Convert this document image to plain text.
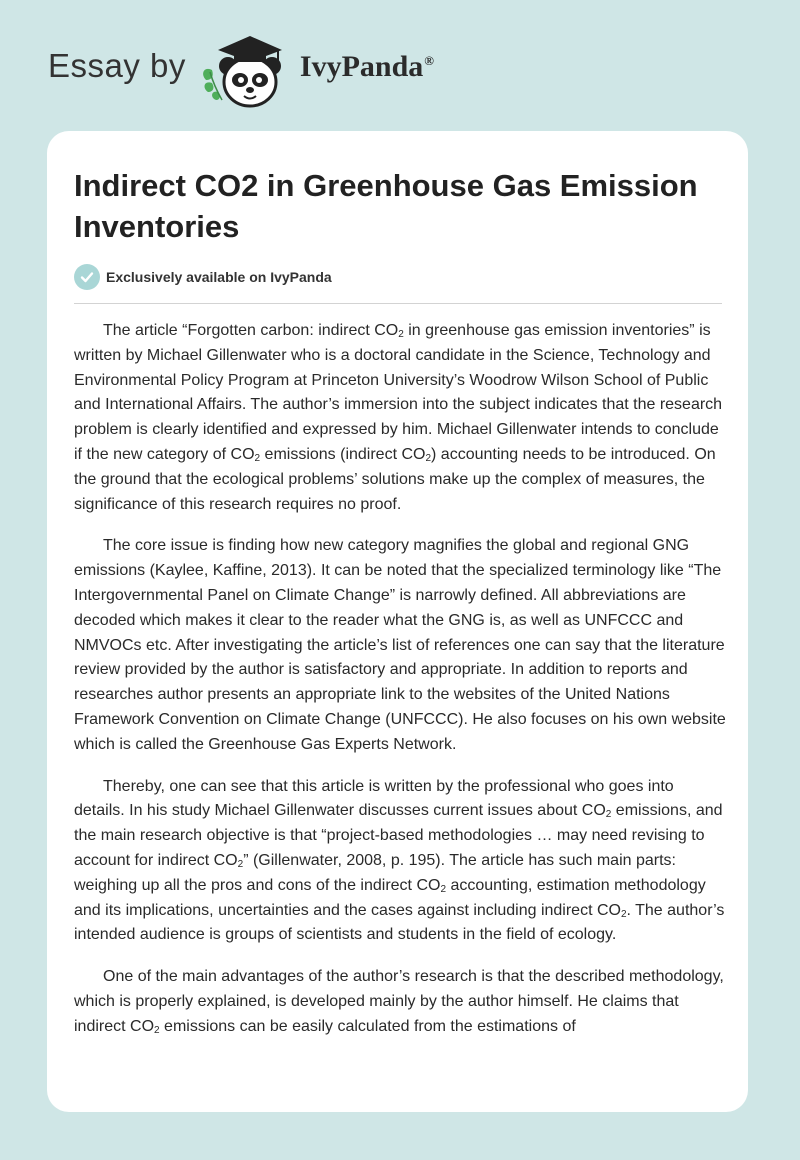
Essay by	IvyPanda®
Indirect CO2 in Greenhouse Gas Emission Inventories
Exclusively available on IvyPanda

The article “Forgotten carbon: indirect $CO_2$ in greenhouse gas emission inventories” is written by Michael Gillenwater who is a doctoral candidate in the Science, Technology and Environmental Policy Program at Princeton University’s Woodrow Wilson School of Public and International Affairs. The author’s immersion into the subject indicates that the research problem is clearly identified and expressed by him. Michael Gillenwater intends to conclude if the new category of $CO_2$ emissions (indirect $CO_2$) accounting needs to be introduced. On the ground that the ecological problems’ solutions make up the complex of measures, the significance of this research requires no proof.

The core issue is finding how new category magnifies the global and regional GNG emissions (Kaylee, Kaffine, 2013). It can be noted that the specialized terminology like “The Intergovernmental Panel on Climate Change” is narrowly defined. All abbreviations are decoded which makes it clear to the reader what the GNG is, as well as UNFCCC and NMVOCs etc. After investigating the article’s list of references one can say that the literature review provided by the author is satisfactory and appropriate. In addition to reports and researches author presents an appropriate link to the websites of the United Nations Framework Convention on Climate Change (UNFCCC). He also focuses on his own website which is called the Greenhouse Gas Experts Network.

Thereby, one can see that this article is written by the professional who goes into details. In his study Michael Gillenwater discusses current issues about $CO_2$ emissions, and the main research objective is that “project-based methodologies … may need revising to account for indirect $CO_2$” (Gillenwater, 2008, p. 195). The article has such main parts: weighing up all the pros and cons of the indirect $CO_2$ accounting, estimation methodology and its implications, uncertainties and the cases against including indirect $CO_2$. The author’s intended audience is groups of scientists and students in the field of ecology.

One of the main advantages of the author’s research is that the described methodology, which is properly explained, is developed mainly by the author himself. He claims that indirect $CO_2$ emissions can be easily calculated from the estimations of
